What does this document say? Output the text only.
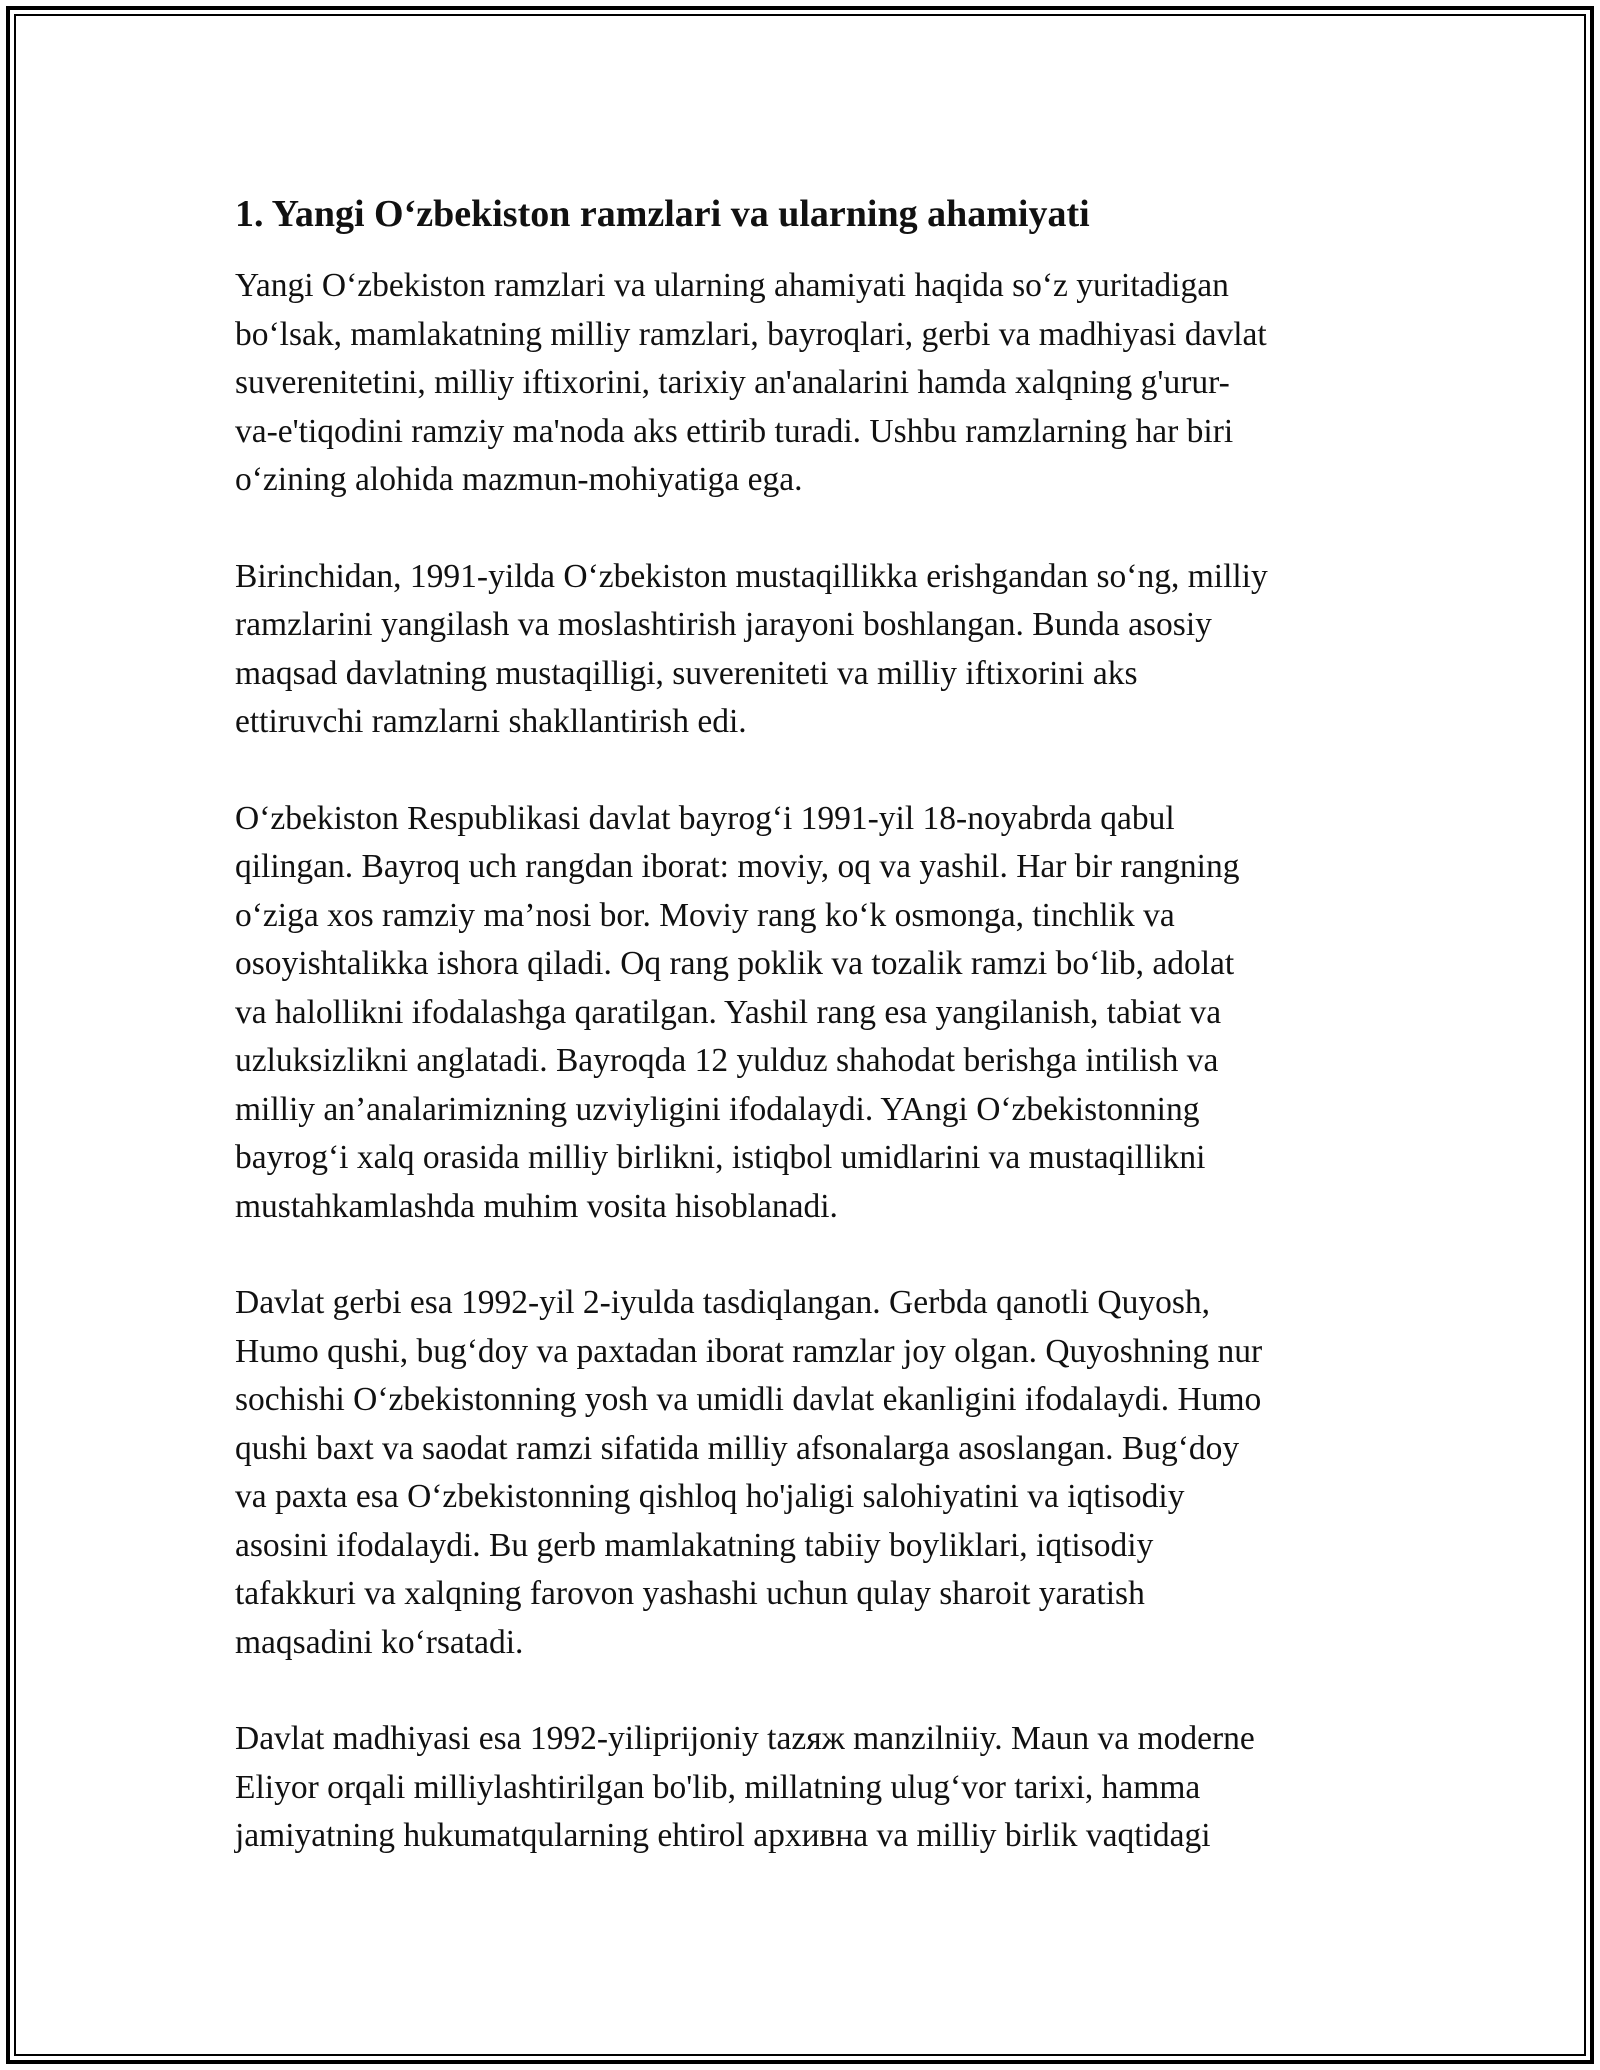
1. Yangi O‘zbekiston ramzlari va ularning ahamiyati

Yangi O‘zbekiston ramzlari va ularning ahamiyati haqida so‘z yuritadigan
bo‘lsak, mamlakatning milliy ramzlari, bayroqlari, gerbi va madhiyasi davlat
suverenitetini, milliy iftixorini, tarixiy an'analarini hamda xalqning g'urur-
va-e'tiqodini ramziy ma'noda aks ettirib turadi. Ushbu ramzlarning har biri
o‘zining alohida mazmun-mohiyatiga ega.

Birinchidan, 1991-yilda O‘zbekiston mustaqillikka erishgandan so‘ng, milliy
ramzlarini yangilash va moslashtirish jarayoni boshlangan. Bunda asosiy
maqsad davlatning mustaqilligi, suvereniteti va milliy iftixorini aks
ettiruvchi ramzlarni shakllantirish edi.

O‘zbekiston Respublikasi davlat bayrog‘i 1991-yil 18-noyabrda qabul
qilingan. Bayroq uch rangdan iborat: moviy, oq va yashil. Har bir rangning
o‘ziga xos ramziy ma’nosi bor. Moviy rang ko‘k osmonga, tinchlik va
osoyishtalikka ishora qiladi. Oq rang poklik va tozalik ramzi bo‘lib, adolat
va halollikni ifodalashga qaratilgan. Yashil rang esa yangilanish, tabiat va
uzluksizlikni anglatadi. Bayroqda 12 yulduz shahodat berishga intilish va
milliy an’analarimizning uzviyligini ifodalaydi. YAngi O‘zbekistonning
bayrog‘i xalq orasida milliy birlikni, istiqbol umidlarini va mustaqillikni
mustahkamlashda muhim vosita hisoblanadi.

Davlat gerbi esa 1992-yil 2-iyulda tasdiqlangan. Gerbda qanotli Quyosh,
Humo qushi, bug‘doy va paxtadan iborat ramzlar joy olgan. Quyoshning nur
sochishi O‘zbekistonning yosh va umidli davlat ekanligini ifodalaydi. Humo
qushi baxt va saodat ramzi sifatida milliy afsonalarga asoslangan. Bug‘doy
va paxta esa O‘zbekistonning qishloq ho'jaligi salohiyatini va iqtisodiy
asosini ifodalaydi. Bu gerb mamlakatning tabiiy boyliklari, iqtisodiy
tafakkuri va xalqning farovon yashashi uchun qulay sharoit yaratish
maqsadini ko‘rsatadi.

Davlat madhiyasi esa 1992-yiliprijoniy tazяж manzilniiy. Maun va moderne
Eliyor orqali milliylashtirilgan bo'lib, millatning ulug‘vor tarixi, hamma
jamiyatning hukumatqularning ehtirol архивна va milliy birlik vaqtidagi
